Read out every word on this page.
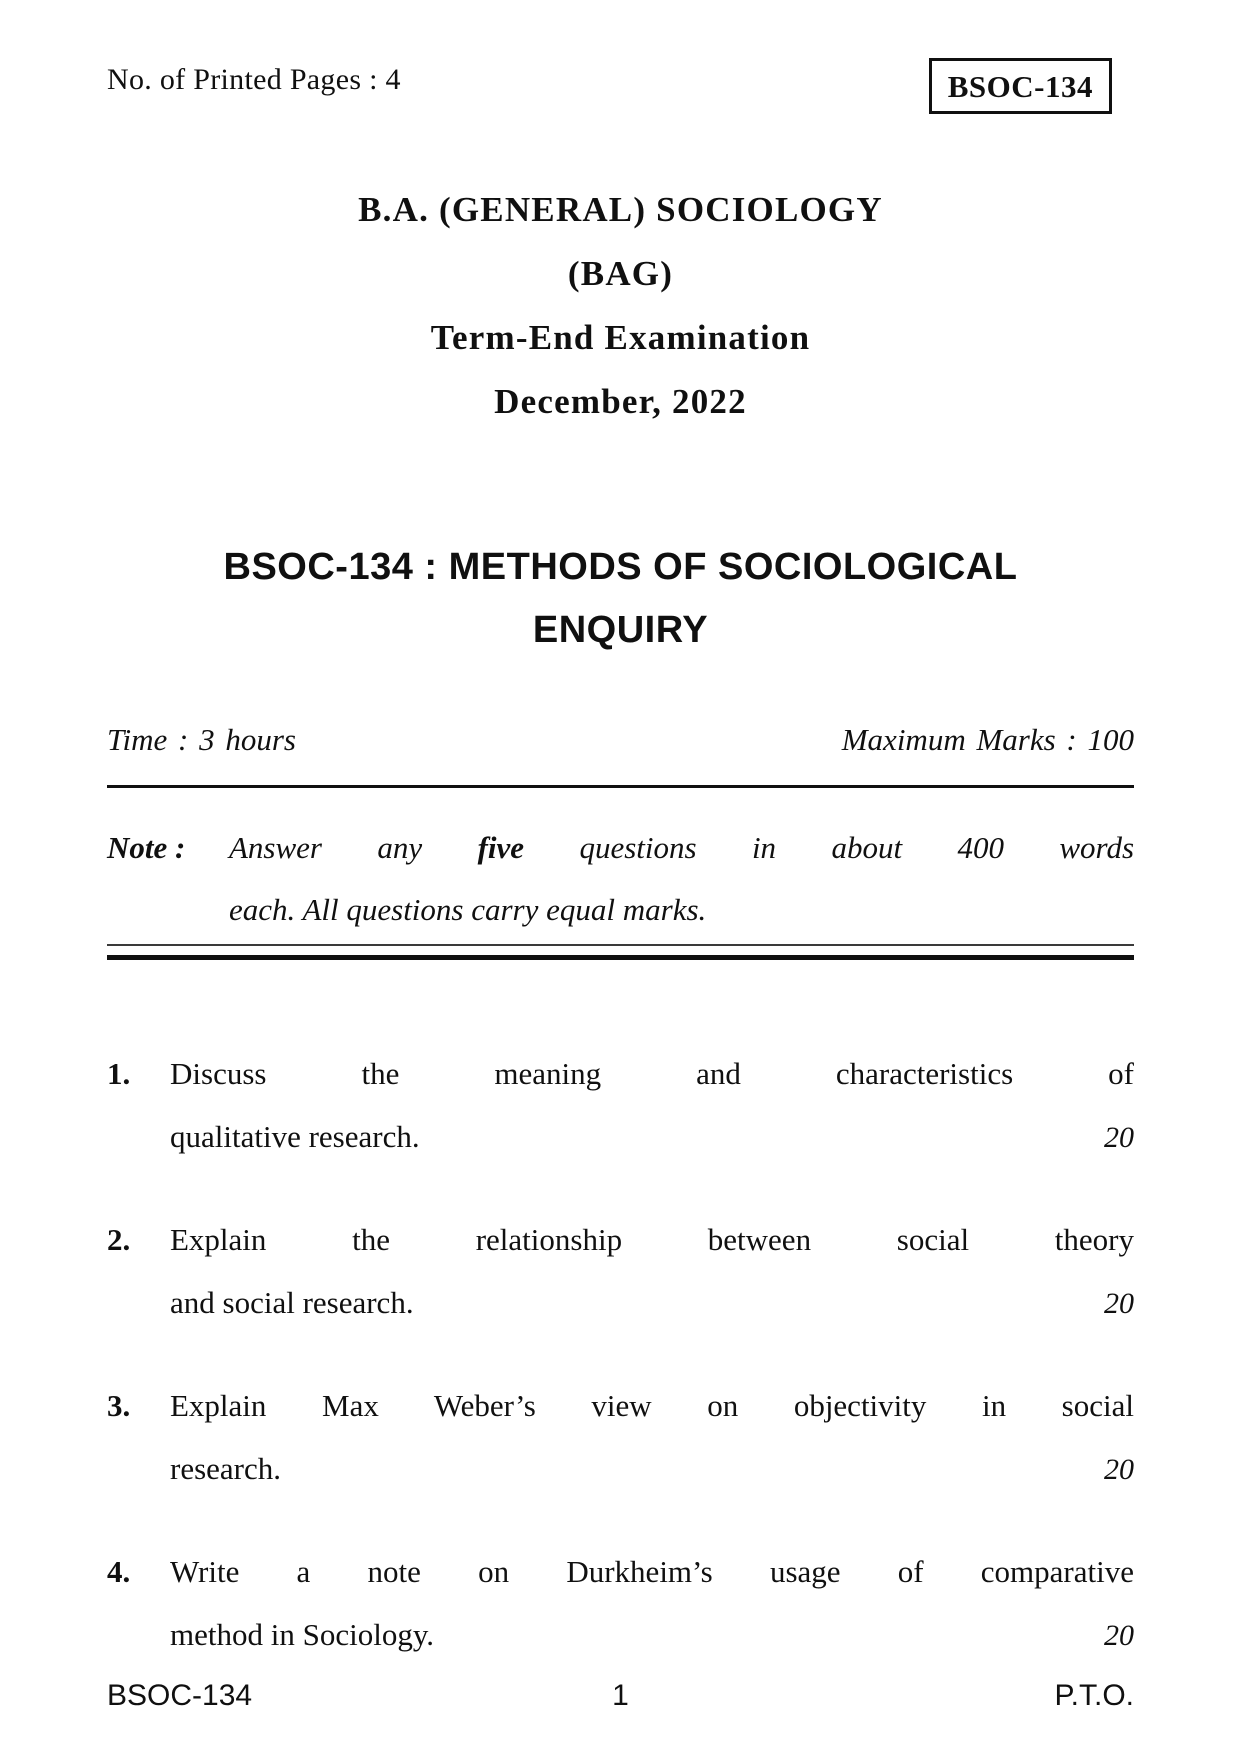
No. of Printed Pages : 4	BSOC-134
B.A. (GENERAL) SOCIOLOGY
(BAG)
Term-End Examination
December, 2022
BSOC-134 : METHODS OF SOCIOLOGICAL
ENQUIRY
Time : 3 hours	Maximum Marks : 100
Note :	Answer any five questions in about 400 words
each. All questions carry equal marks.
1.	Discuss the meaning and characteristics of
qualitative research.	20
2.	Explain the relationship between social theory
and social research.	20
3.	Explain Max Weber’s view on objectivity in social
research.	20
4.	Write a note on Durkheim’s usage of comparative
method in Sociology.	20
BSOC-134	1	P.T.O.
